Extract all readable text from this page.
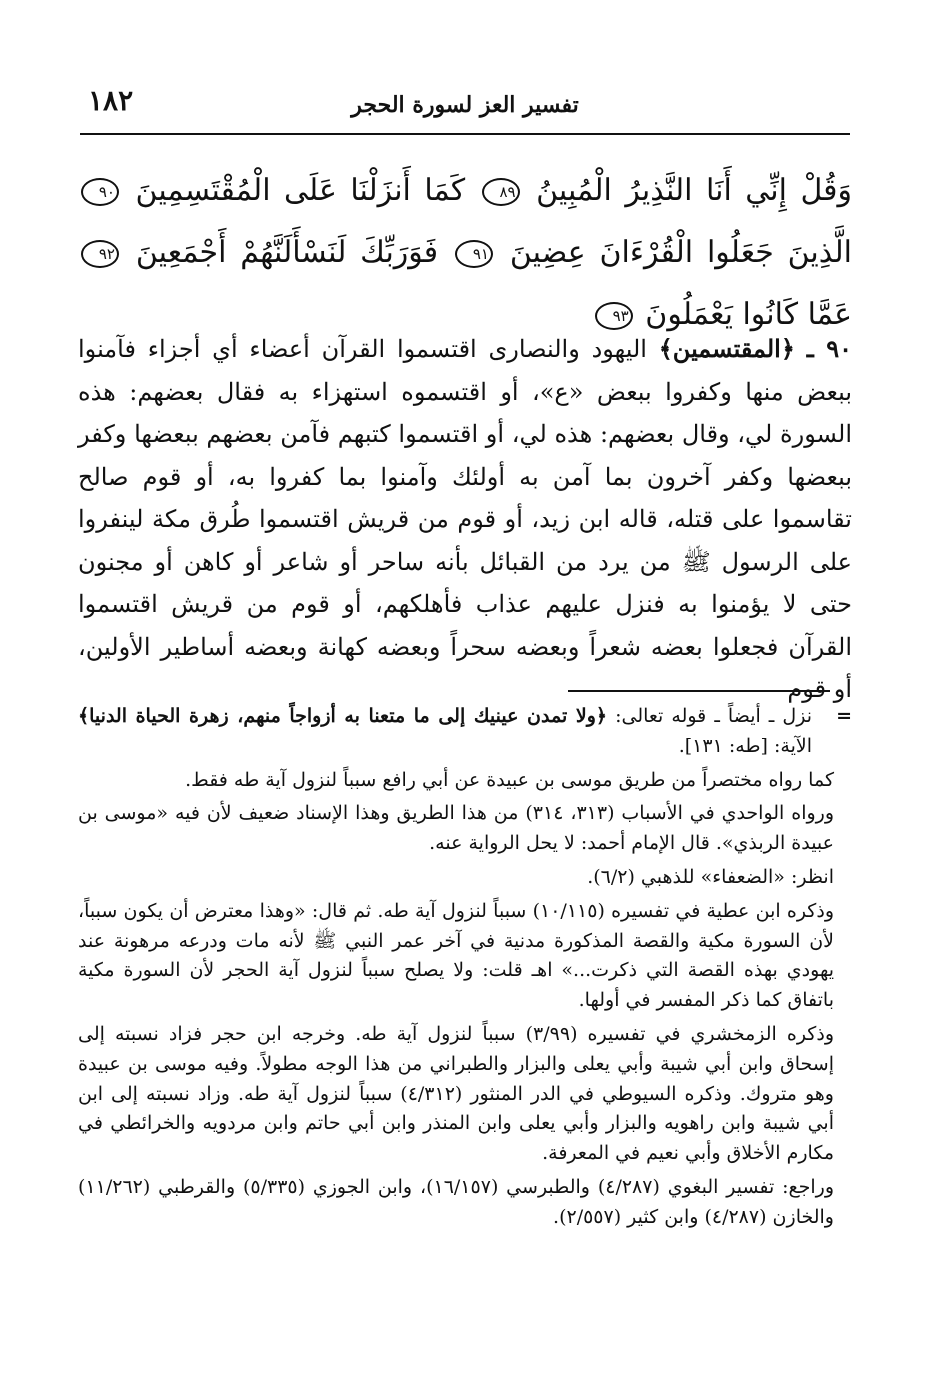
١٨٢	تفسير العز لسورة الحجر
وَقُلْ إِنِّي أَنَا النَّذِيرُ الْمُبِينُ ٨٩ كَمَا أَنزَلْنَا عَلَى الْمُقْتَسِمِينَ ٩٠ الَّذِينَ جَعَلُوا الْقُرْءَانَ عِضِينَ ٩١ فَوَرَبِّكَ لَنَسْأَلَنَّهُمْ أَجْمَعِينَ ٩٢ عَمَّا كَانُوا يَعْمَلُونَ ٩٣
٩٠ ـ ﴿المقتسمين﴾ اليهود والنصارى اقتسموا القرآن أعضاء أي أجزاء فآمنوا ببعض منها وكفروا ببعض «ع»، أو اقتسموه استهزاء به فقال بعضهم: هذه السورة لي، وقال بعضهم: هذه لي، أو اقتسموا كتبهم فآمن بعضهم ببعضها وكفر ببعضها وكفر آخرون بما آمن به أولئك وآمنوا بما كفروا به، أو قوم صالح تقاسموا على قتله، قاله ابن زيد، أو قوم من قريش اقتسموا طُرق مكة لينفروا على الرسول ﷺ من يرد من القبائل بأنه ساحر أو شاعر أو كاهن أو مجنون حتى لا يؤمنوا به فنزل عليهم عذاب فأهلكهم، أو قوم من قريش اقتسموا القرآن فجعلوا بعضه شعراً وبعضه سحراً وبعضه كهانة وبعضه أساطير الأولين، أو قوم

=
نزل ـ أيضاً ـ قوله تعالى: ﴿ولا تمدن عينيك إلى ما متعنا به أزواجاً منهم، زهرة الحياة الدنيا﴾ الآية: [طه: ١٣١].

كما رواه مختصراً من طريق موسى بن عبيدة عن أبي رافع سبباً لنزول آية طه فقط.

ورواه الواحدي في الأسباب (٣١٣، ٣١٤) من هذا الطريق وهذا الإسناد ضعيف لأن فيه «موسى بن عبيدة الربذي». قال الإمام أحمد: لا يحل الرواية عنه.

انظر: «الضعفاء» للذهبي (٦/٢).

وذكره ابن عطية في تفسيره (١٠/١١٥) سبباً لنزول آية طه. ثم قال: «وهذا معترض أن يكون سبباً، لأن السورة مكية والقصة المذكورة مدنية في آخر عمر النبي ﷺ لأنه مات ودرعه مرهونة عند يهودي بهذه القصة التي ذكرت...» اهـ قلت: ولا يصلح سبباً لنزول آية الحجر لأن السورة مكية باتفاق كما ذكر المفسر في أولها.

وذكره الزمخشري في تفسيره (٣/٩٩) سبباً لنزول آية طه. وخرجه ابن حجر فزاد نسبته إلى إسحاق وابن أبي شيبة وأبي يعلى والبزار والطبراني من هذا الوجه مطولاً. وفيه موسى بن عبيدة وهو متروك. وذكره السيوطي في الدر المنثور (٤/٣١٢) سبباً لنزول آية طه. وزاد نسبته إلى ابن أبي شيبة وابن راهويه والبزار وأبي يعلى وابن المنذر وابن أبي حاتم وابن مردويه والخرائطي في مكارم الأخلاق وأبي نعيم في المعرفة.

وراجع: تفسير البغوي (٤/٢٨٧) والطبرسي (١٦/١٥٧)، وابن الجوزي (٥/٣٣٥) والقرطبي (١١/٢٦٢) والخازن (٤/٢٨٧) وابن كثير (٢/٥٥٧).
